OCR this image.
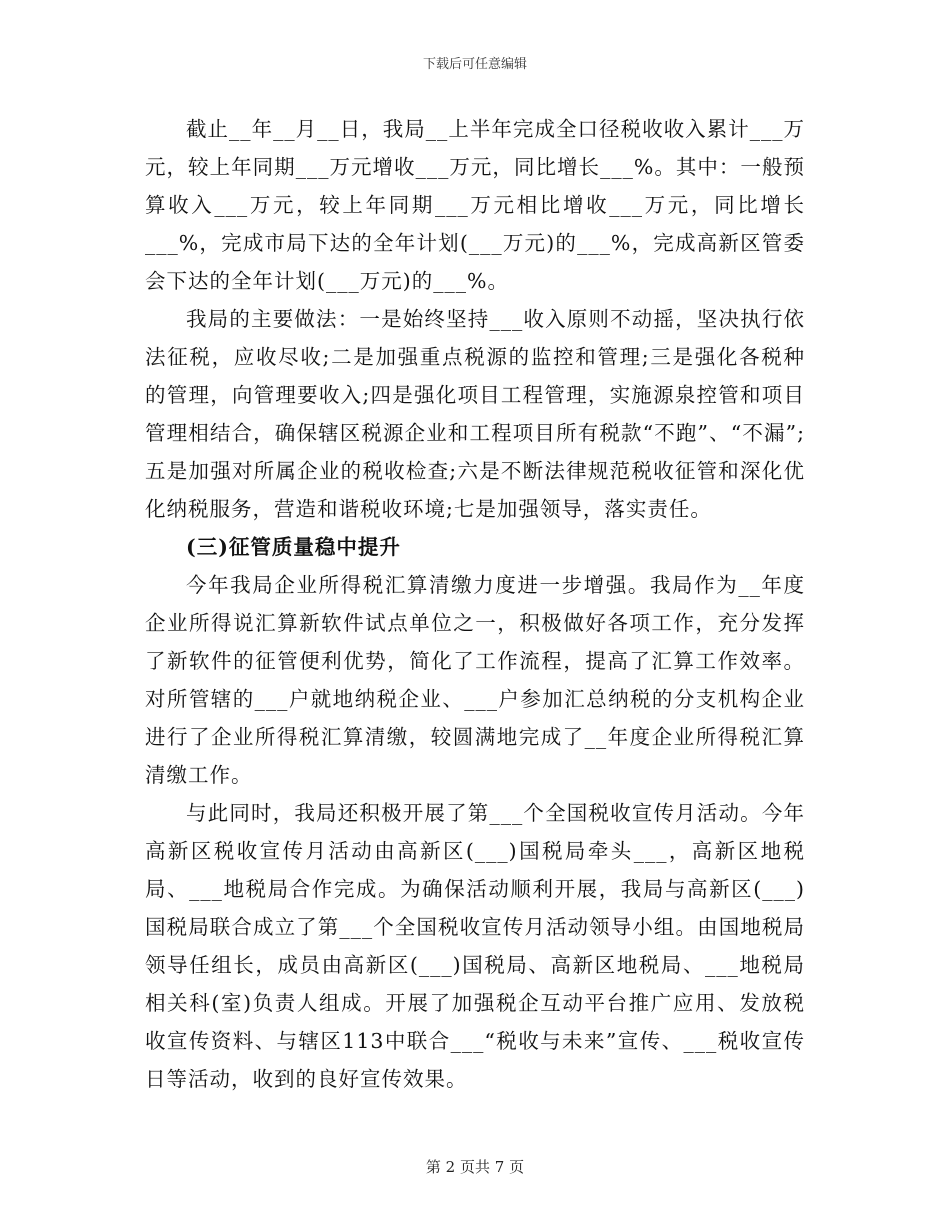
下载后可任意编辑

截止__年__月__日，我局__上半年完成全口径税收收入累计___万元，较上年同期___万元增收___万元，同比增长___%。其中：一般预算收入___万元，较上年同期___万元相比增收___万元，同比增长___%，完成市局下达的全年计划(___万元)的___%，完成高新区管委会下达的全年计划(___万元)的___%。

我局的主要做法：一是始终坚持___收入原则不动摇，坚决执行依法征税，应收尽收;二是加强重点税源的监控和管理;三是强化各税种的管理，向管理要收入;四是强化项目工程管理，实施源泉控管和项目管理相结合，确保辖区税源企业和工程项目所有税款“不跑”、“不漏”;五是加强对所属企业的税收检查;六是不断法律规范税收征管和深化优化纳税服务，营造和谐税收环境;七是加强领导，落实责任。

(三)征管质量稳中提升

今年我局企业所得税汇算清缴力度进一步增强。我局作为__年度企业所得说汇算新软件试点单位之一，积极做好各项工作，充分发挥了新软件的征管便利优势，简化了工作流程，提高了汇算工作效率。对所管辖的___户就地纳税企业、___户参加汇总纳税的分支机构企业进行了企业所得税汇算清缴，较圆满地完成了__年度企业所得税汇算清缴工作。

与此同时，我局还积极开展了第___个全国税收宣传月活动。今年高新区税收宣传月活动由高新区(___)国税局牵头___，高新区地税局、___地税局合作完成。为确保活动顺利开展，我局与高新区(___)国税局联合成立了第___个全国税收宣传月活动领导小组。由国地税局领导任组长，成员由高新区(___)国税局、高新区地税局、___地税局相关科(室)负责人组成。开展了加强税企互动平台推广应用、发放税收宣传资料、与辖区113中联合___“税收与未来”宣传、___税收宣传日等活动，收到的良好宣传效果。

第 2 页共 7 页
